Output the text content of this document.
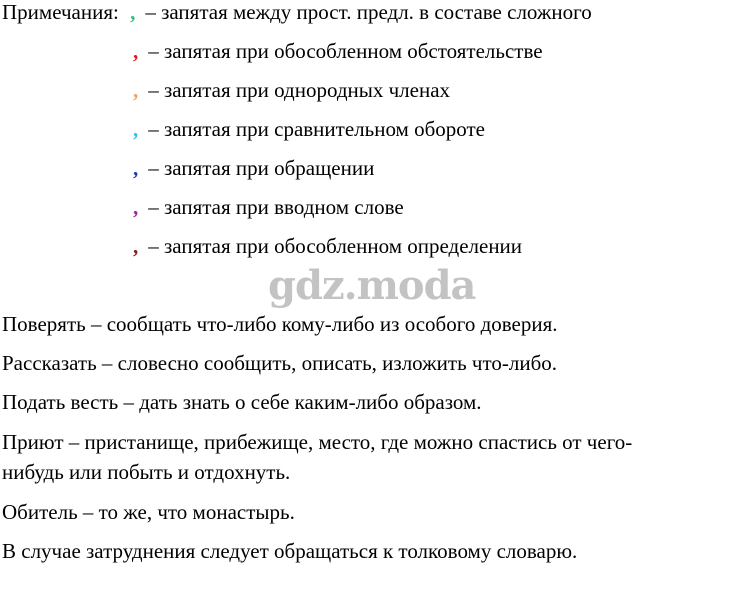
Примечания: , – запятая между прост. предл. в составе сложного
, – запятая при обособленном обстоятельстве
, – запятая при однородных членах
, – запятая при сравнительном обороте
, – запятая при обращении
, – запятая при вводном слове
, – запятая при обособленном определении
gdz.moda
Поверять – сообщать что-либо кому-либо из особого доверия.
Рассказать – словесно сообщить, описать, изложить что-либо.
Подать весть – дать знать о себе каким-либо образом.
Приют – пристанище, прибежище, место, где можно спастись от чего-
нибудь или побыть и отдохнуть.
Обитель – то же, что монастырь.
В случае затруднения следует обращаться к толковому словарю.
